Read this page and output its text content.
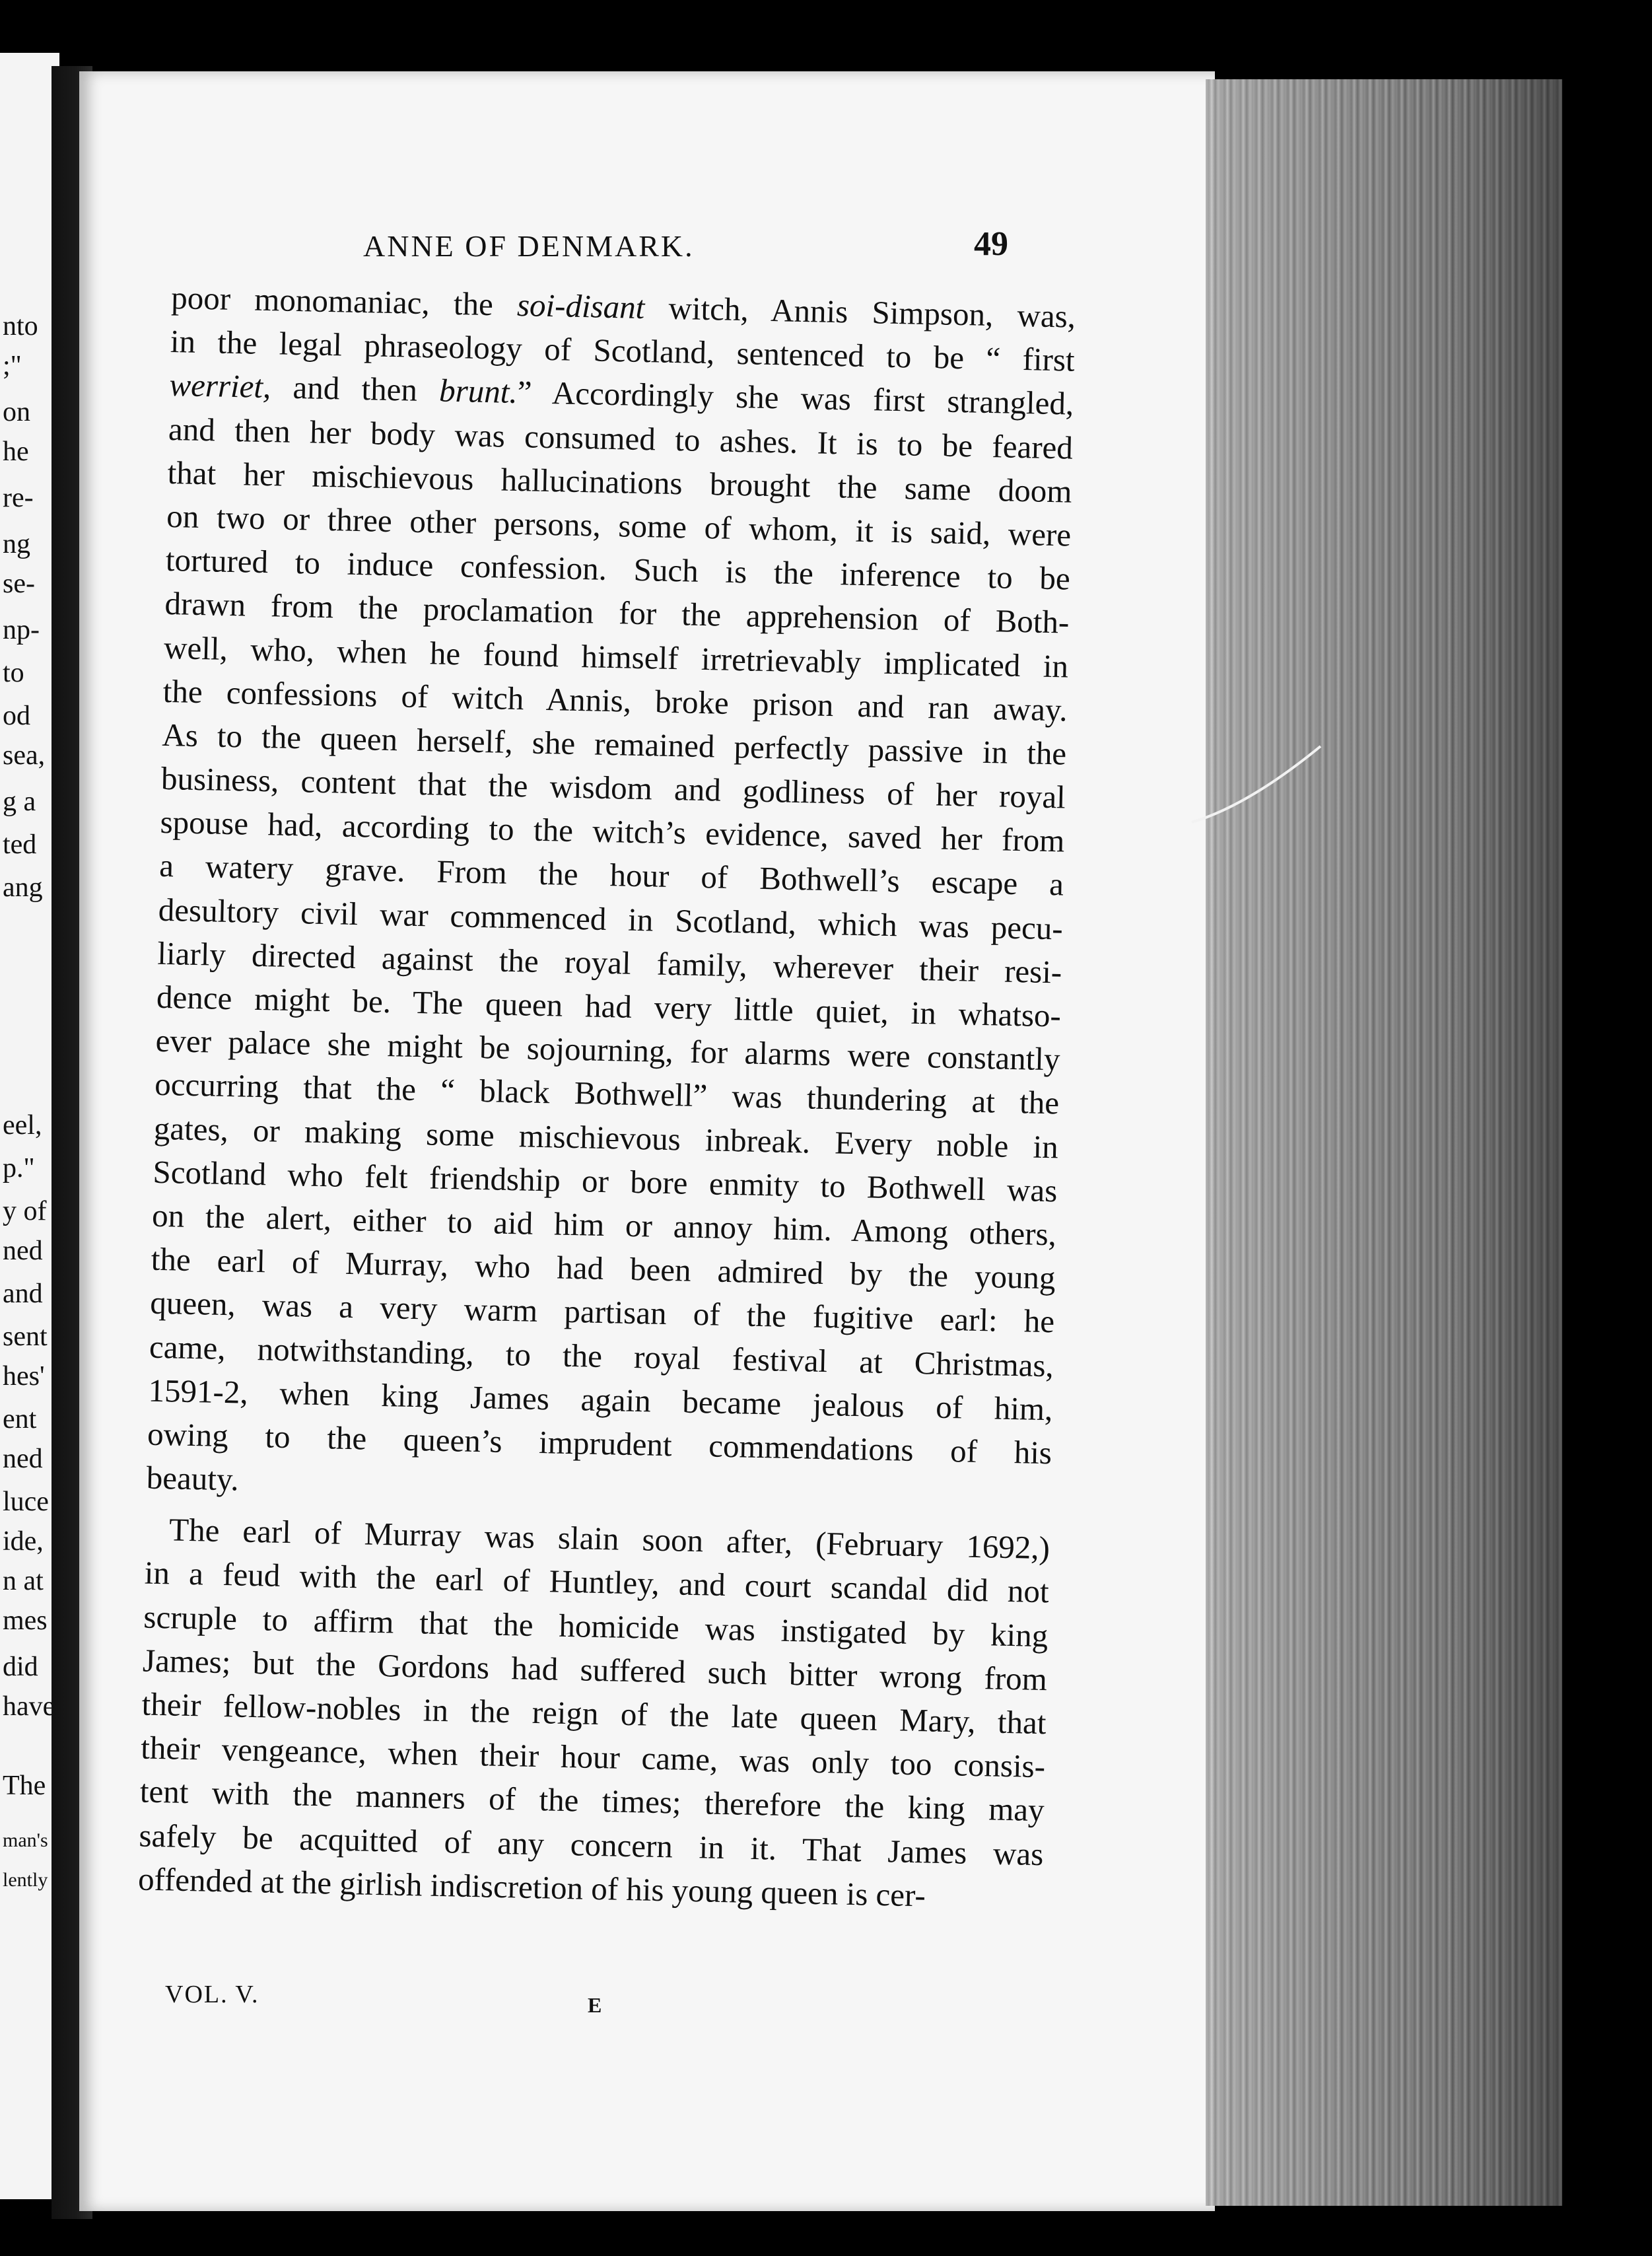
ANNE OF DENMARK.	49
poor monomaniac, the soi-disant witch, Annis Simpson, was,
in the legal phraseology of Scotland, sentenced to be “ first
werriet, and then brunt.” Accordingly she was first strangled,
and then her body was consumed to ashes. It is to be feared
that her mischievous hallucinations brought the same doom
on two or three other persons, some of whom, it is said, were
tortured to induce confession. Such is the inference to be
drawn from the proclamation for the apprehension of Both-
well, who, when he found himself irretrievably implicated in
the confessions of witch Annis, broke prison and ran away.
As to the queen herself, she remained perfectly passive in the
business, content that the wisdom and godliness of her royal
spouse had, according to the witch’s evidence, saved her from
a watery grave. From the hour of Bothwell’s escape a
desultory civil war commenced in Scotland, which was pecu-
liarly directed against the royal family, wherever their resi-
dence might be. The queen had very little quiet, in whatso-
ever palace she might be sojourning, for alarms were constantly
occurring that the “ black Bothwell” was thundering at the
gates, or making some mischievous inbreak. Every noble in
Scotland who felt friendship or bore enmity to Bothwell was
on the alert, either to aid him or annoy him. Among others,
the earl of Murray, who had been admired by the young
queen, was a very warm partisan of the fugitive earl: he
came, notwithstanding, to the royal festival at Christmas,
1591-2, when king James again became jealous of him,
owing to the queen’s imprudent commendations of his
beauty.
The earl of Murray was slain soon after, (February 1692,)
in a feud with the earl of Huntley, and court scandal did not
scruple to affirm that the homicide was instigated by king
James; but the Gordons had suffered such bitter wrong from
their fellow-nobles in the reign of the late queen Mary, that
their vengeance, when their hour came, was only too consis-
tent with the manners of the times; therefore the king may
safely be acquitted of any concern in it. That James was
offended at the girlish indiscretion of his young queen is cer-
VOL. V.	E
nto
;"
on
he
re-
ng
se-
np-
to
od
sea,
g a
ted
ang
eel,
p."
y of
ned
and
sent
hes'
ent
ned
luce
ide,
n at
mes
did
have
The
man's
lently
